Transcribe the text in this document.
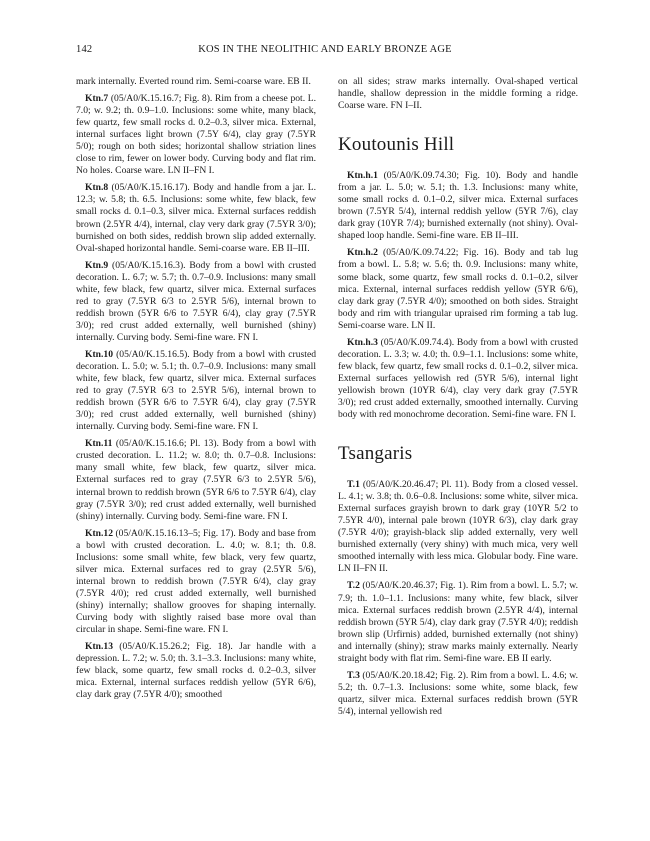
142	KOS IN THE NEOLITHIC AND EARLY BRONZE AGE

mark internally. Everted round rim. Semi-coarse ware. EB II.

Ktn.7 (05/A0/K.15.16.7; Fig. 8). Rim from a cheese pot. L. 7.0; w. 9.2; th. 0.9–1.0. Inclusions: some white, many black, few quartz, few small rocks d. 0.2–0.3, silver mica. External, internal surfaces light brown (7.5Y 6/4), clay gray (7.5YR 5/0); rough on both sides; horizontal shallow striation lines close to rim, fewer on lower body. Curving body and flat rim. No holes. Coarse ware. LN II–FN I.

Ktn.8 (05/A0/K.15.16.17). Body and handle from a jar. L. 12.3; w. 5.8; th. 6.5. Inclusions: some white, few black, few small rocks d. 0.1–0.3, silver mica. External surfaces reddish brown (2.5YR 4/4), internal, clay very dark gray (7.5YR 3/0); burnished on both sides, reddish brown slip added externally. Oval-shaped horizontal handle. Semi-coarse ware. EB II–III.

Ktn.9 (05/A0/K.15.16.3). Body from a bowl with crusted decoration. L. 6.7; w. 5.7; th. 0.7–0.9. Inclusions: many small white, few black, few quartz, silver mica. External surfaces red to gray (7.5YR 6/3 to 2.5YR 5/6), internal brown to reddish brown (5YR 6/6 to 7.5YR 6/4), clay gray (7.5YR 3/0); red crust added externally, well burnished (shiny) internally. Curving body. Semi-fine ware. FN I.

Ktn.10 (05/A0/K.15.16.5). Body from a bowl with crusted decoration. L. 5.0; w. 5.1; th. 0.7–0.9. Inclusions: many small white, few black, few quartz, silver mica. External surfaces red to gray (7.5YR 6/3 to 2.5YR 5/6), internal brown to reddish brown (5YR 6/6 to 7.5YR 6/4), clay gray (7.5YR 3/0); red crust added externally, well burnished (shiny) internally. Curving body. Semi-fine ware. FN I.

Ktn.11 (05/A0/K.15.16.6; Pl. 13). Body from a bowl with crusted decoration. L. 11.2; w. 8.0; th. 0.7–0.8. Inclusions: many small white, few black, few quartz, silver mica. External surfaces red to gray (7.5YR 6/3 to 2.5YR 5/6), internal brown to reddish brown (5YR 6/6 to 7.5YR 6/4), clay gray (7.5YR 3/0); red crust added externally, well burnished (shiny) internally. Curving body. Semi-fine ware. FN I.

Ktn.12 (05/A0/K.15.16.13–5; Fig. 17). Body and base from a bowl with crusted decoration. L. 4.0; w. 8.1; th. 0.8. Inclusions: some small white, few black, very few quartz, silver mica. External surfaces red to gray (2.5YR 5/6), internal brown to reddish brown (7.5YR 6/4), clay gray (7.5YR 4/0); red crust added externally, well burnished (shiny) internally; shallow grooves for shaping internally. Curving body with slightly raised base more oval than circular in shape. Semi-fine ware. FN I.

Ktn.13 (05/A0/K.15.26.2; Fig. 18). Jar handle with a depression. L. 7.2; w. 5.0; th. 3.1–3.3. Inclusions: many white, few black, some quartz, few small rocks d. 0.2–0.3, silver mica. External, internal surfaces reddish yellow (5YR 6/6), clay dark gray (7.5YR 4/0); smoothed

on all sides; straw marks internally. Oval-shaped vertical handle, shallow depression in the middle forming a ridge. Coarse ware. FN I–II.

Koutounis Hill

Ktn.h.1 (05/A0/K.09.74.30; Fig. 10). Body and handle from a jar. L. 5.0; w. 5.1; th. 1.3. Inclusions: many white, some small rocks d. 0.1–0.2, silver mica. External surfaces brown (7.5YR 5/4), internal reddish yellow (5YR 7/6), clay dark gray (10YR 7/4); burnished externally (not shiny). Oval-shaped loop handle. Semi-fine ware. EB II–III.

Ktn.h.2 (05/A0/K.09.74.22; Fig. 16). Body and tab lug from a bowl. L. 5.8; w. 5.6; th. 0.9. Inclusions: many white, some black, some quartz, few small rocks d. 0.1–0.2, silver mica. External, internal surfaces reddish yellow (5YR 6/6), clay dark gray (7.5YR 4/0); smoothed on both sides. Straight body and rim with triangular upraised rim forming a tab lug. Semi-coarse ware. LN II.

Ktn.h.3 (05/A0/K.09.74.4). Body from a bowl with crusted decoration. L. 3.3; w. 4.0; th. 0.9–1.1. Inclusions: some white, few black, few quartz, few small rocks d. 0.1–0.2, silver mica. External surfaces yellowish red (5YR 5/6), internal light yellowish brown (10YR 6/4), clay very dark gray (7.5YR 3/0); red crust added externally, smoothed internally. Curving body with red monochrome decoration. Semi-fine ware. FN I.

Tsangaris

T.1 (05/A0/K.20.46.47; Pl. 11). Body from a closed vessel. L. 4.1; w. 3.8; th. 0.6–0.8. Inclusions: some white, silver mica. External surfaces grayish brown to dark gray (10YR 5/2 to 7.5YR 4/0), internal pale brown (10YR 6/3), clay dark gray (7.5YR 4/0); grayish-black slip added externally, very well burnished externally (very shiny) with much mica, very well smoothed internally with less mica. Globular body. Fine ware. LN II–FN II.

T.2 (05/A0/K.20.46.37; Fig. 1). Rim from a bowl. L. 5.7; w. 7.9; th. 1.0–1.1. Inclusions: many white, few black, silver mica. External surfaces reddish brown (2.5YR 4/4), internal reddish brown (5YR 5/4), clay dark gray (7.5YR 4/0); reddish brown slip (Urfirnis) added, burnished externally (not shiny) and internally (shiny); straw marks mainly externally. Nearly straight body with flat rim. Semi-fine ware. EB II early.

T.3 (05/A0/K.20.18.42; Fig. 2). Rim from a bowl. L. 4.6; w. 5.2; th. 0.7–1.3. Inclusions: some white, some black, few quartz, silver mica. External surfaces reddish brown (5YR 5/4), internal yellowish red
